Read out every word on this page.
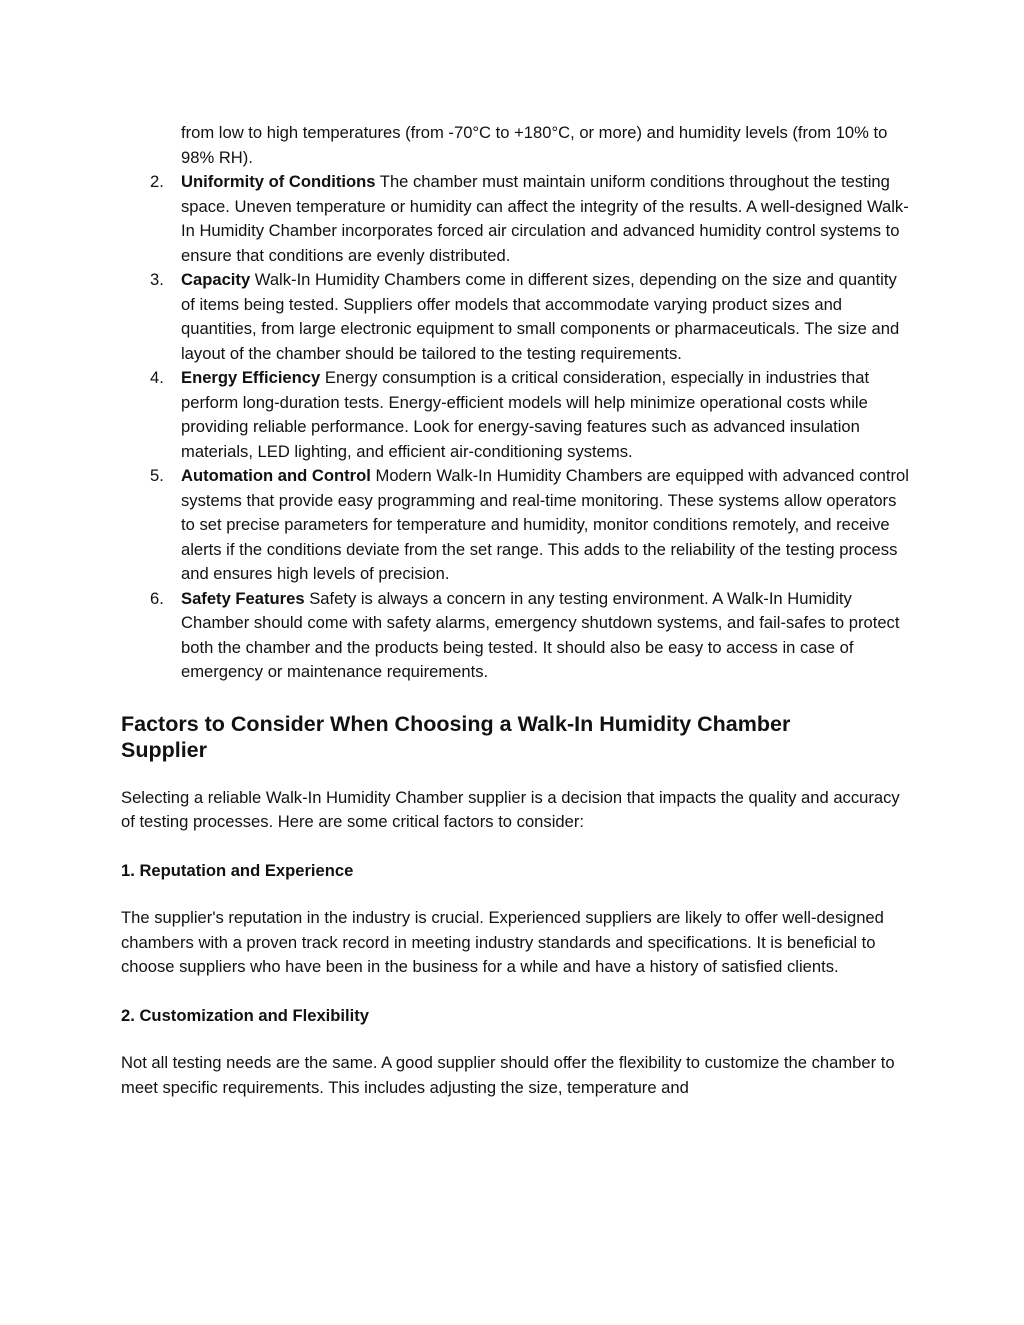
from low to high temperatures (from -70°C to +180°C, or more) and humidity levels (from 10% to 98% RH).
2.	Uniformity of Conditions The chamber must maintain uniform conditions throughout the testing space. Uneven temperature or humidity can affect the integrity of the results. A well-designed Walk-In Humidity Chamber incorporates forced air circulation and advanced humidity control systems to ensure that conditions are evenly distributed.
3.	Capacity Walk-In Humidity Chambers come in different sizes, depending on the size and quantity of items being tested. Suppliers offer models that accommodate varying product sizes and quantities, from large electronic equipment to small components or pharmaceuticals. The size and layout of the chamber should be tailored to the testing requirements.
4.	Energy Efficiency Energy consumption is a critical consideration, especially in industries that perform long-duration tests. Energy-efficient models will help minimize operational costs while providing reliable performance. Look for energy-saving features such as advanced insulation materials, LED lighting, and efficient air-conditioning systems.
5.	Automation and Control Modern Walk-In Humidity Chambers are equipped with advanced control systems that provide easy programming and real-time monitoring. These systems allow operators to set precise parameters for temperature and humidity, monitor conditions remotely, and receive alerts if the conditions deviate from the set range. This adds to the reliability of the testing process and ensures high levels of precision.
6.	Safety Features Safety is always a concern in any testing environment. A Walk-In Humidity Chamber should come with safety alarms, emergency shutdown systems, and fail-safes to protect both the chamber and the products being tested. It should also be easy to access in case of emergency or maintenance requirements.
Factors to Consider When Choosing a Walk-In Humidity Chamber Supplier

Selecting a reliable Walk-In Humidity Chamber supplier is a decision that impacts the quality and accuracy of testing processes. Here are some critical factors to consider:

1. Reputation and Experience

The supplier's reputation in the industry is crucial. Experienced suppliers are likely to offer well-designed chambers with a proven track record in meeting industry standards and specifications. It is beneficial to choose suppliers who have been in the business for a while and have a history of satisfied clients.

2. Customization and Flexibility

Not all testing needs are the same. A good supplier should offer the flexibility to customize the chamber to meet specific requirements. This includes adjusting the size, temperature and
